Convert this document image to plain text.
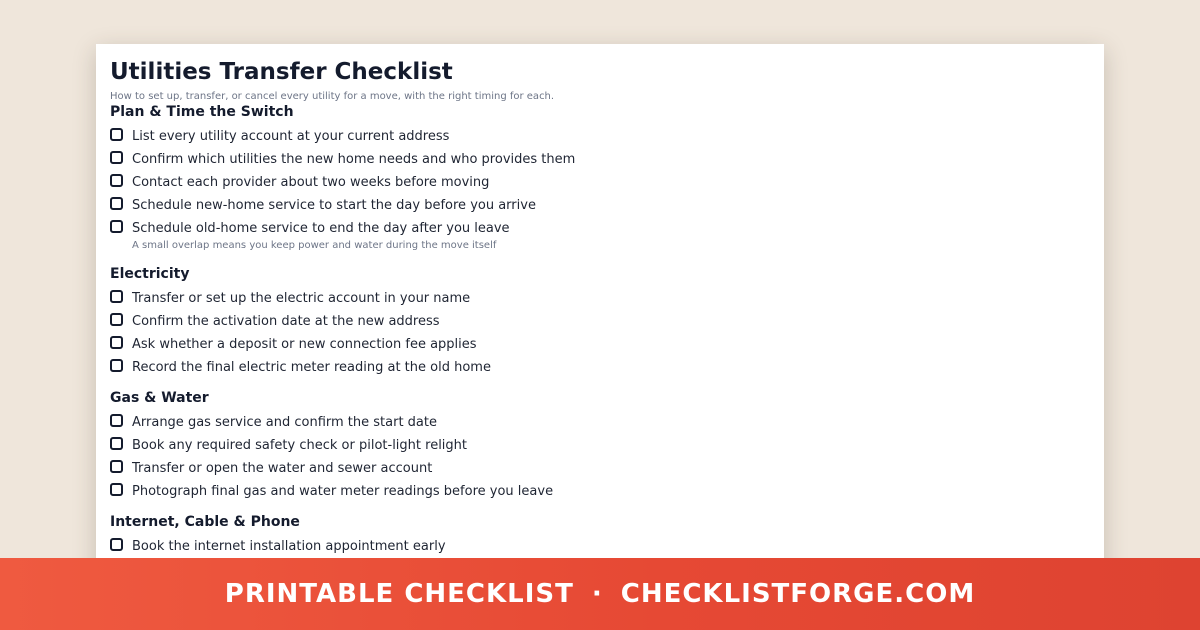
Utilities Transfer Checklist
How to set up, transfer, or cancel every utility for a move, with the right timing for each.
Plan & Time the Switch
List every utility account at your current address
Confirm which utilities the new home needs and who provides them
Contact each provider about two weeks before moving
Schedule new-home service to start the day before you arrive
Schedule old-home service to end the day after you leave
A small overlap means you keep power and water during the move itself
Electricity
Transfer or set up the electric account in your name
Confirm the activation date at the new address
Ask whether a deposit or new connection fee applies
Record the final electric meter reading at the old home
Gas & Water
Arrange gas service and confirm the start date
Book any required safety check or pilot-light relight
Transfer or open the water and sewer account
Photograph final gas and water meter readings before you leave
Internet, Cable & Phone
Book the internet installation appointment early
PRINTABLE CHECKLIST · CHECKLISTFORGE.COM
